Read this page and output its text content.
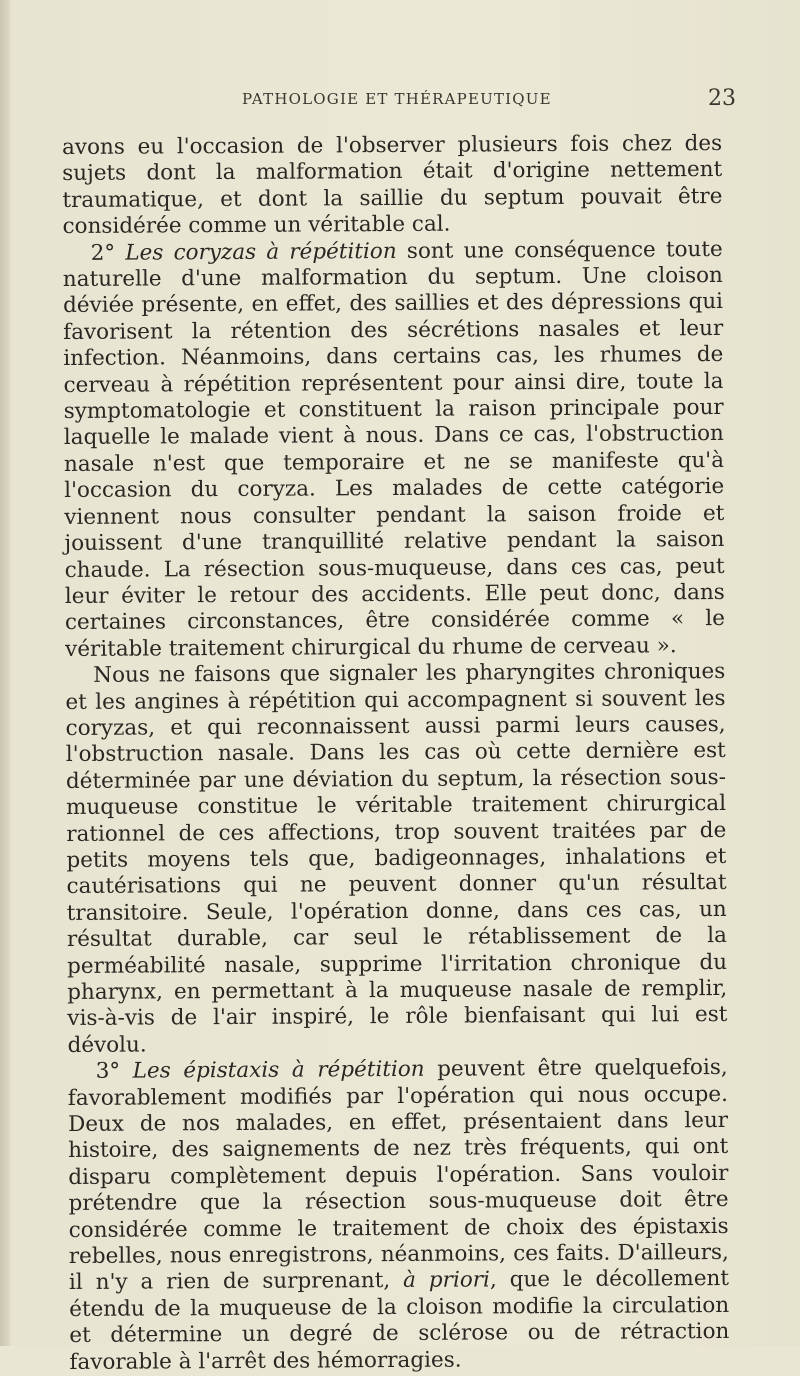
PATHOLOGIE ET THÉRAPEUTIQUE	23

avons eu l'occasion de l'observer plusieurs fois chez des sujets dont la malformation était d'origine nettement traumatique, et dont la saillie du septum pouvait être considérée comme un véritable cal.

2° Les coryzas à répétition sont une conséquence toute naturelle d'une malformation du septum. Une cloison déviée présente, en effet, des saillies et des dépressions qui favorisent la rétention des sécrétions nasales et leur infection. Néanmoins, dans certains cas, les rhumes de cerveau à répétition représentent pour ainsi dire, toute la symptomatologie et constituent la raison principale pour laquelle le malade vient à nous. Dans ce cas, l'obstruction nasale n'est que temporaire et ne se manifeste qu'à l'occasion du coryza. Les malades de cette catégorie viennent nous consulter pendant la saison froide et jouissent d'une tranquillité relative pendant la saison chaude. La résection sous-muqueuse, dans ces cas, peut leur éviter le retour des accidents. Elle peut donc, dans certaines circonstances, être considérée comme « le véritable traitement chirurgical du rhume de cerveau ».

Nous ne faisons que signaler les pharyngites chroniques et les angines à répétition qui accompagnent si souvent les coryzas, et qui reconnaissent aussi parmi leurs causes, l'obstruction nasale. Dans les cas où cette dernière est déterminée par une déviation du septum, la résection sous-muqueuse constitue le véritable traitement chirurgical rationnel de ces affections, trop souvent traitées par de petits moyens tels que, badigeonnages, inhalations et cautérisations qui ne peuvent donner qu'un résultat transitoire. Seule, l'opération donne, dans ces cas, un résultat durable, car seul le rétablissement de la perméabilité nasale, supprime l'irritation chronique du pharynx, en permettant à la muqueuse nasale de remplir, vis-à-vis de l'air inspiré, le rôle bienfaisant qui lui est dévolu.

3° Les épistaxis à répétition peuvent être quelquefois, favorablement modifiés par l'opération qui nous occupe. Deux de nos malades, en effet, présentaient dans leur histoire, des saignements de nez très fréquents, qui ont disparu complètement depuis l'opération. Sans vouloir prétendre que la résection sous-muqueuse doit être considérée comme le traitement de choix des épistaxis rebelles, nous enregistrons, néanmoins, ces faits. D'ailleurs, il n'y a rien de surprenant, à priori, que le décollement étendu de la muqueuse de la cloison modifie la circulation et détermine un degré de sclérose ou de rétraction favorable à l'arrêt des hémorragies.
